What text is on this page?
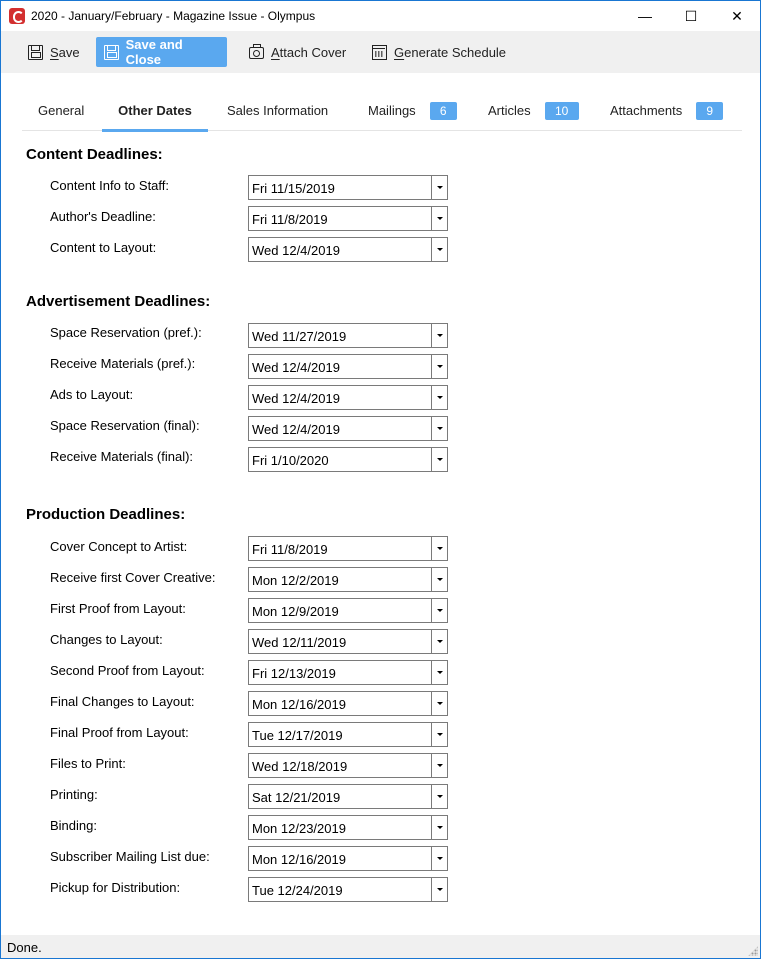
2020 - January/February - Magazine Issue - Olympus	—	☐	✕
Save	Save and Close	Attach Cover	Generate Schedule
General	Other Dates	Sales Information	Mailings	6	Articles	10	Attachments	9
Content Deadlines:
Content Info to Staff:	Fri 11/15/2019
Author's Deadline:	Fri 11/8/2019
Content to Layout:	Wed 12/4/2019
Advertisement Deadlines:
Space Reservation (pref.):	Wed 11/27/2019
Receive Materials (pref.):	Wed 12/4/2019
Ads to Layout:	Wed 12/4/2019
Space Reservation (final):	Wed 12/4/2019
Receive Materials (final):	Fri 1/10/2020
Production Deadlines:
Cover Concept to Artist:	Fri 11/8/2019
Receive first Cover Creative:	Mon 12/2/2019
First Proof from Layout:	Mon 12/9/2019
Changes to Layout:	Wed 12/11/2019
Second Proof from Layout:	Fri 12/13/2019
Final Changes to Layout:	Mon 12/16/2019
Final Proof from Layout:	Tue 12/17/2019
Files to Print:	Wed 12/18/2019
Printing:	Sat 12/21/2019
Binding:	Mon 12/23/2019
Subscriber Mailing List due:	Mon 12/16/2019
Pickup for Distribution:	Tue 12/24/2019
Done.
